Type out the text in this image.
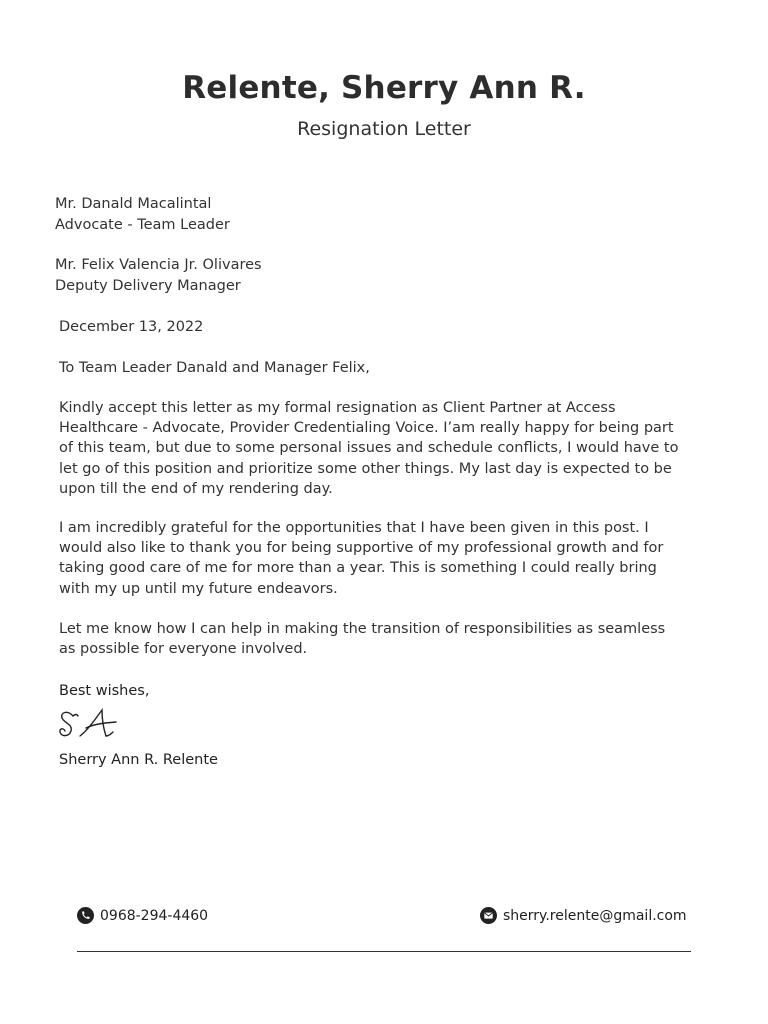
Relente, Sherry Ann R.
Resignation Letter
Mr. Danald Macalintal
Advocate - Team Leader
Mr. Felix Valencia Jr. Olivares
Deputy Delivery Manager
December 13, 2022
To Team Leader Danald and Manager Felix,
Kindly accept this letter as my formal resignation as Client Partner at Access Healthcare - Advocate, Provider Credentialing Voice. I’am really happy for being part of this team, but due to some personal issues and schedule conflicts, I would have to let go of this position and prioritize some other things. My last day is expected to be upon till the end of my rendering day.
I am incredibly grateful for the opportunities that I have been given in this post. I would also like to thank you for being supportive of my professional growth and for taking good care of me for more than a year. This is something I could really bring with my up until my future endeavors.
Let me know how I can help in making the transition of responsibilities as seamless as possible for everyone involved.
Best wishes,
Sherry Ann R. Relente
0968-294-4460	sherry.relente@gmail.com
